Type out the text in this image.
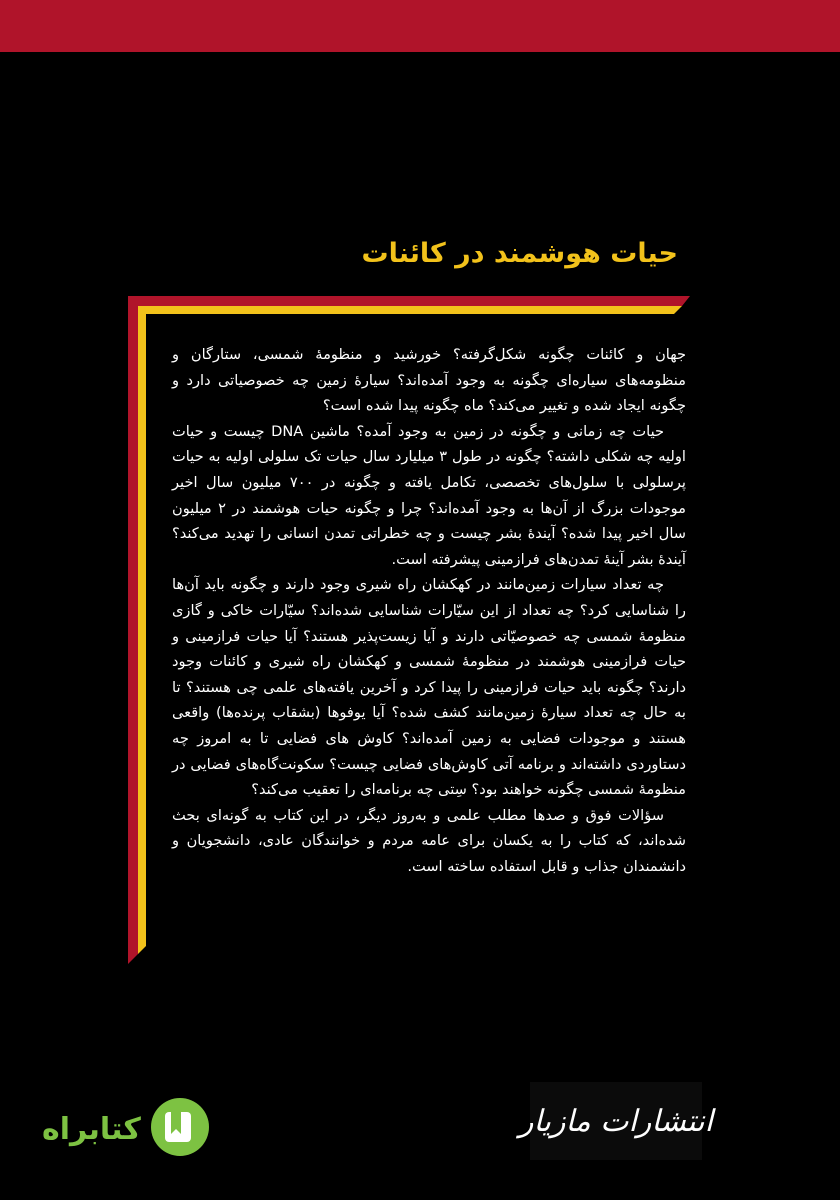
حیات هوشمند در کائنات

جهان و کائنات چگونه شکل‌گرفته؟ خورشید و منظومهٔ شمسی، ستارگان و منظومه‌های سیاره‌ای چگونه به وجود آمده‌اند؟ سیارهٔ زمین چه خصوصیاتی دارد و چگونه ایجاد شده و تغییر می‌کند؟ ماه چگونه پیدا شده است؟

حیات چه زمانی و چگونه در زمین به وجود آمده؟ ماشین DNA چیست و حیات اولیه چه شکلی داشته؟ چگونه در طول ۳ میلیارد سال حیات تک سلولی اولیه به حیات پرسلولی با سلول‌های تخصصی، تکامل یافته و چگونه در ۷۰۰ میلیون سال اخیر موجودات بزرگ از آن‌ها به وجود آمده‌اند؟ چرا و چگونه حیات هوشمند در ۲ میلیون سال اخیر پیدا شده؟ آیندهٔ بشر چیست و چه خطراتی تمدن انسانی را تهدید می‌کند؟ آیندهٔ بشر آینهٔ تمدن‌های فرازمینی پیشرفته است.

چه تعداد سیارات زمین‌مانند در کهکشان راه شیری وجود دارند و چگونه باید آن‌ها را شناسایی کرد؟ چه تعداد از این سیّارات شناسایی شده‌اند؟ سیّارات خاکی و گازی منظومهٔ شمسی چه خصوصیّاتی دارند و آیا زیست‌پذیر هستند؟ آیا حیات فرازمینی و حیات فرازمینی هوشمند در منظومهٔ شمسی و کهکشان راه شیری و کائنات وجود دارند؟ چگونه باید حیات فرازمینی را پیدا کرد و آخرین یافته‌های علمی چی هستند؟ تا به حال چه تعداد سیارهٔ زمین‌مانند کشف شده؟ آیا یوفوها (بشقاب پرنده‌ها) واقعی هستند و موجودات فضایی به زمین آمده‌اند؟ کاوش های فضایی تا به امروز چه دستاوردی داشته‌اند و برنامه آتی کاوش‌های فضایی چیست؟ سکونت‌گاه‌های فضایی در منظومهٔ شمسی چگونه خواهند بود؟ سِتی چه برنامه‌ای را تعقیب می‌کند؟

سؤالات فوق و صدها مطلب علمی و به‌روز دیگر، در این کتاب به گونه‌ای بحث شده‌اند، که کتاب را به یکسان برای عامه مردم و خوانندگان عادی، دانشجویان و دانشمندان جذاب و قابل استفاده ساخته است.

کتابراه	انتشارات مازیار
